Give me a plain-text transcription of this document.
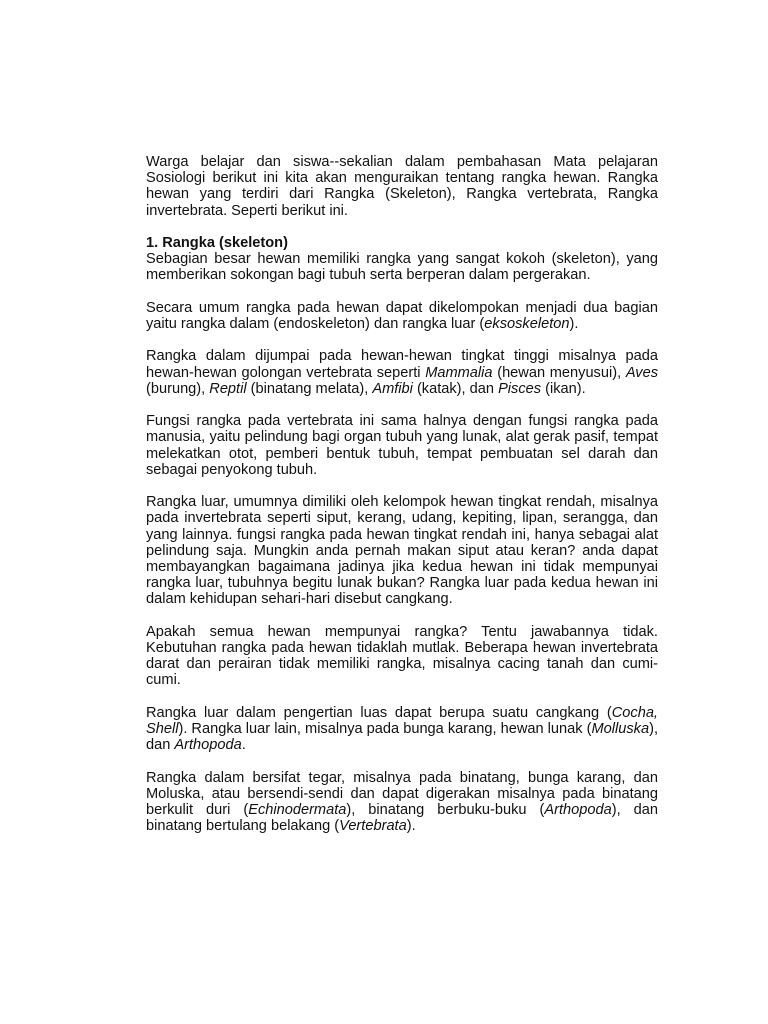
Warga belajar dan siswa--sekalian dalam pembahasan Mata pelajaran Sosiologi berikut ini kita akan menguraikan tentang rangka hewan. Rangka hewan yang terdiri dari Rangka (Skeleton), Rangka vertebrata, Rangka invertebrata. Seperti berikut ini.

1. Rangka (skeleton)
Sebagian besar hewan memiliki rangka yang sangat kokoh (skeleton), yang memberikan sokongan bagi tubuh serta berperan dalam pergerakan.

Secara umum rangka pada hewan dapat dikelompokan menjadi dua bagian yaitu rangka dalam (endoskeleton) dan rangka luar (eksoskeleton).

Rangka dalam dijumpai pada hewan-hewan tingkat tinggi misalnya pada hewan-hewan golongan vertebrata seperti Mammalia (hewan menyusui), Aves (burung), Reptil (binatang melata), Amfibi (katak), dan Pisces (ikan).

Fungsi rangka pada vertebrata ini sama halnya dengan fungsi rangka pada manusia, yaitu pelindung bagi organ tubuh yang lunak, alat gerak pasif, tempat melekatkan otot, pemberi bentuk tubuh, tempat pembuatan sel darah dan sebagai penyokong tubuh.

Rangka luar, umumnya dimiliki oleh kelompok hewan tingkat rendah, misalnya pada invertebrata seperti siput, kerang, udang, kepiting, lipan, serangga, dan yang lainnya. fungsi rangka pada hewan tingkat rendah ini, hanya sebagai alat pelindung saja. Mungkin anda pernah makan siput atau keran? anda dapat membayangkan bagaimana jadinya jika kedua hewan ini tidak mempunyai rangka luar, tubuhnya begitu lunak bukan? Rangka luar pada kedua hewan ini dalam kehidupan sehari-hari disebut cangkang.

Apakah semua hewan mempunyai rangka? Tentu jawabannya tidak. Kebutuhan rangka pada hewan tidaklah mutlak. Beberapa hewan invertebrata darat dan perairan tidak memiliki rangka, misalnya cacing tanah dan cumi-cumi.

Rangka luar dalam pengertian luas dapat berupa suatu cangkang (Cocha, Shell). Rangka luar lain, misalnya pada bunga karang, hewan lunak (Molluska), dan Arthopoda.

Rangka dalam bersifat tegar, misalnya pada binatang, bunga karang, dan Moluska, atau bersendi-sendi dan dapat digerakan misalnya pada binatang berkulit duri (Echinodermata), binatang berbuku-buku (Arthopoda), dan binatang bertulang belakang (Vertebrata).
